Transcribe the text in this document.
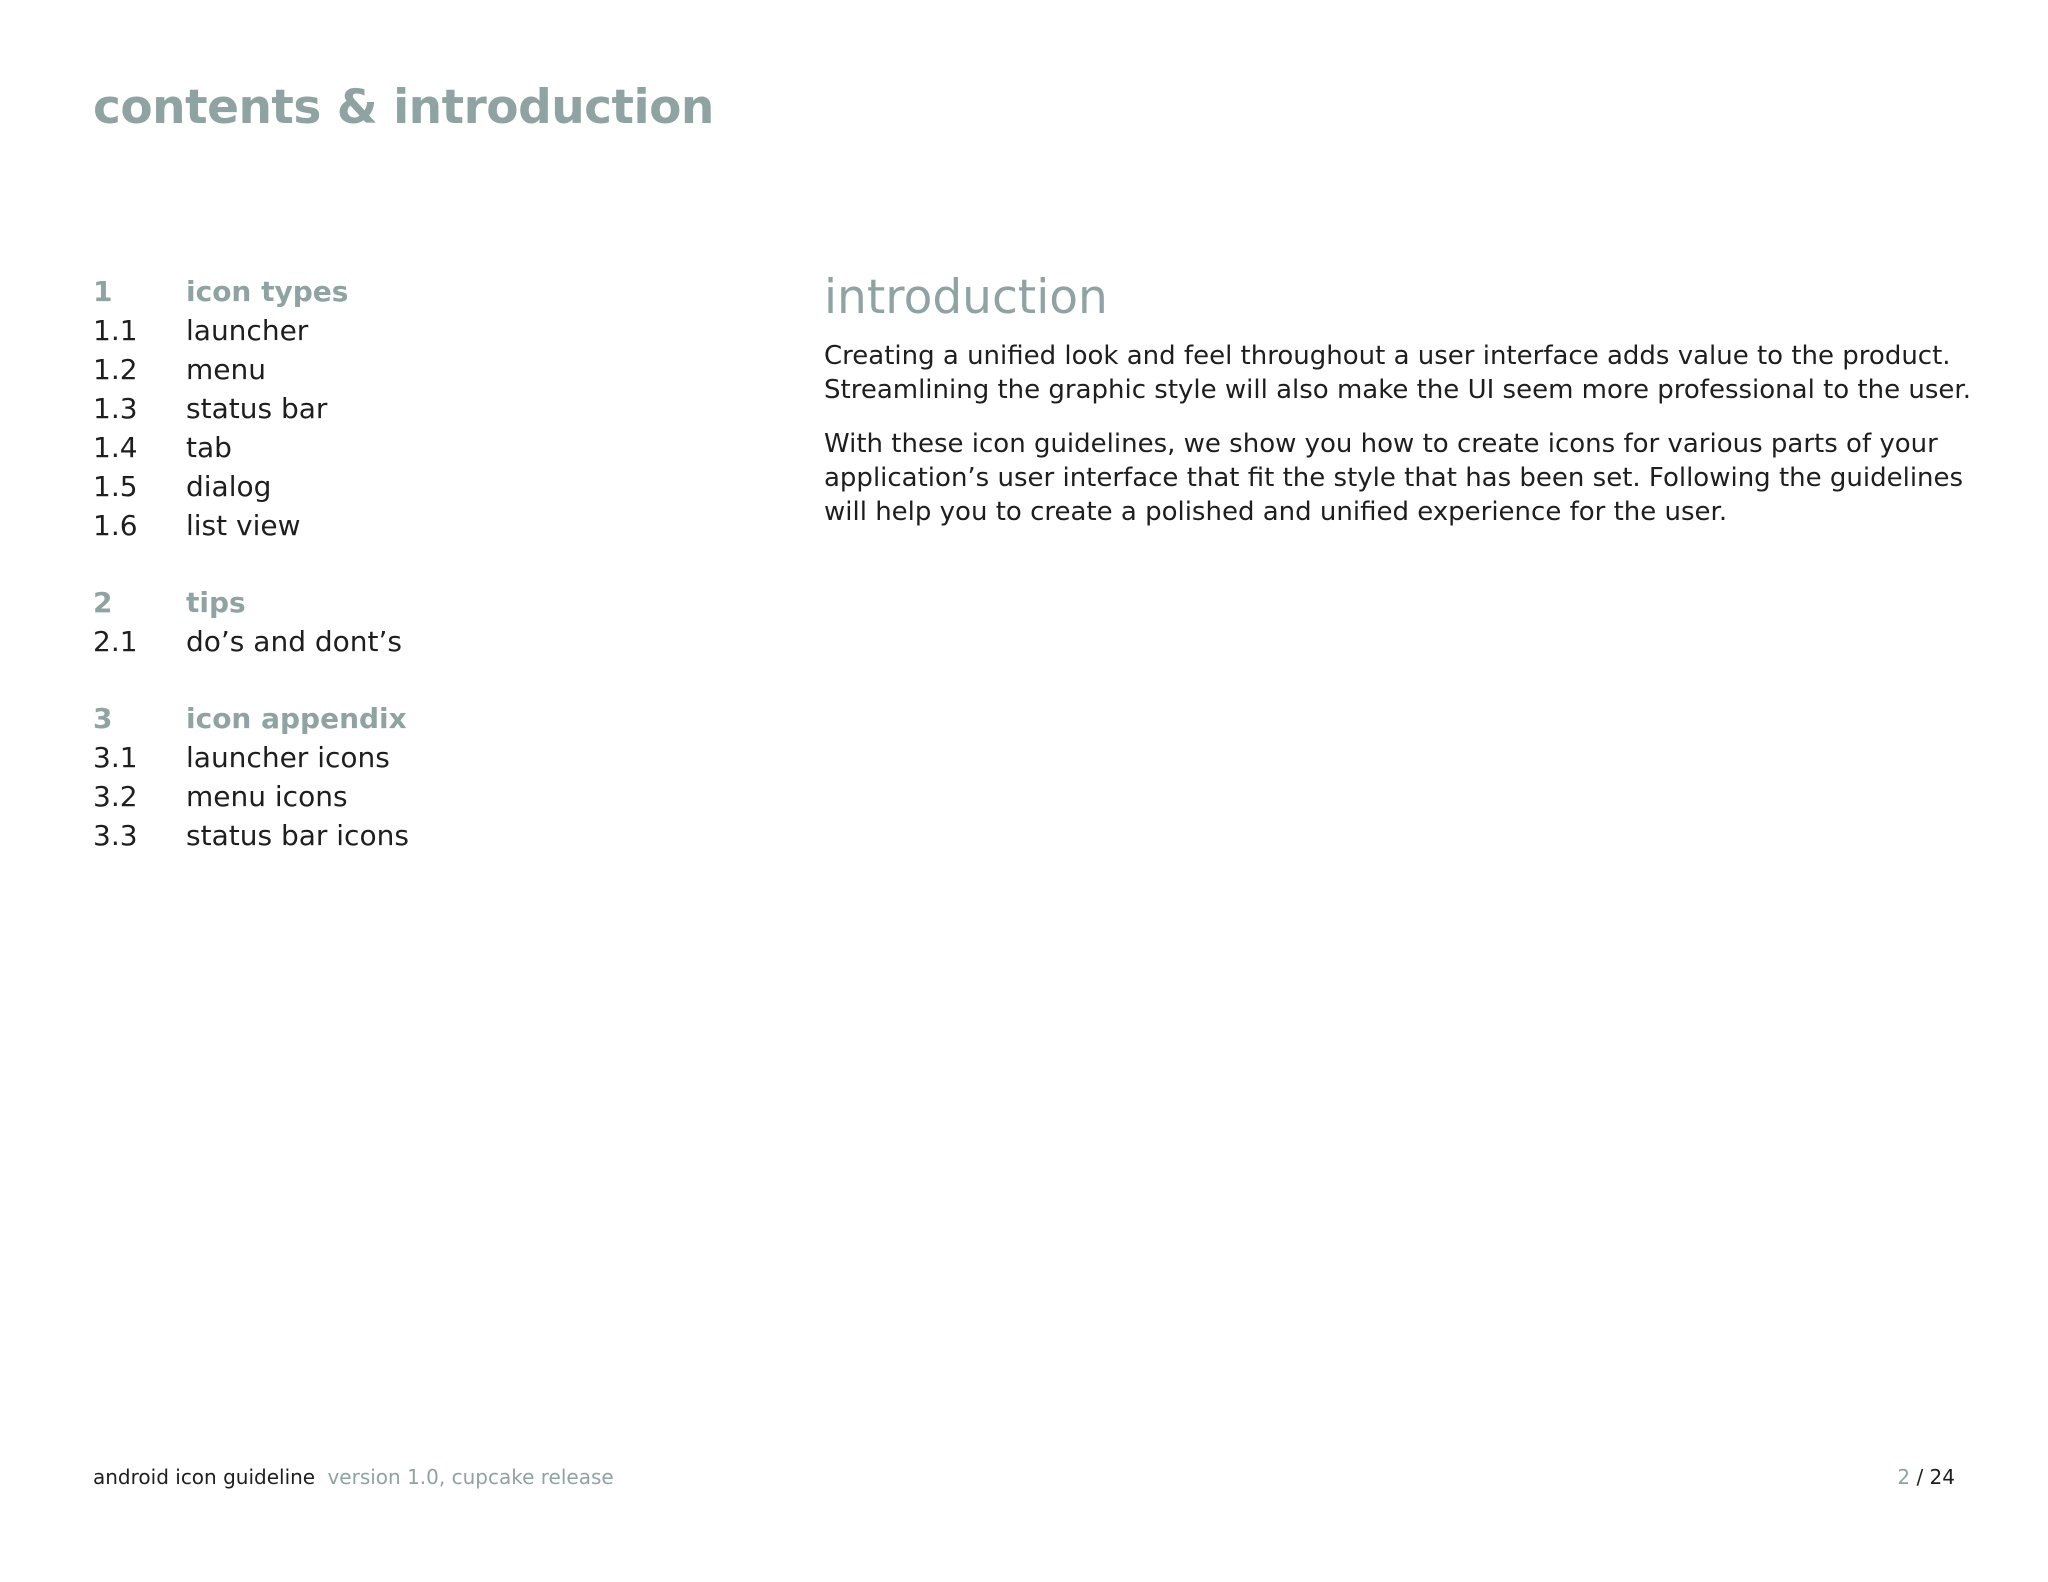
contents & introduction
1	icon types
1.1	launcher
1.2	menu
1.3	status bar
1.4	tab
1.5	dialog
1.6	list view
2	tips
2.1	do’s and dont’s
3	icon appendix
3.1	launcher icons
3.2	menu icons
3.3	status bar icons
introduction

Creating a unified look and feel throughout a user interface adds value to the product. Streamlining the graphic style will also make the UI seem more professional to the user.

With these icon guidelines, we show you how to create icons for various parts of your application’s user interface that fit the style that has been set. Following the guidelines will help you to create a polished and unified experience for the user.

android icon guideline version 1.0, cupcake release	2 / 24
